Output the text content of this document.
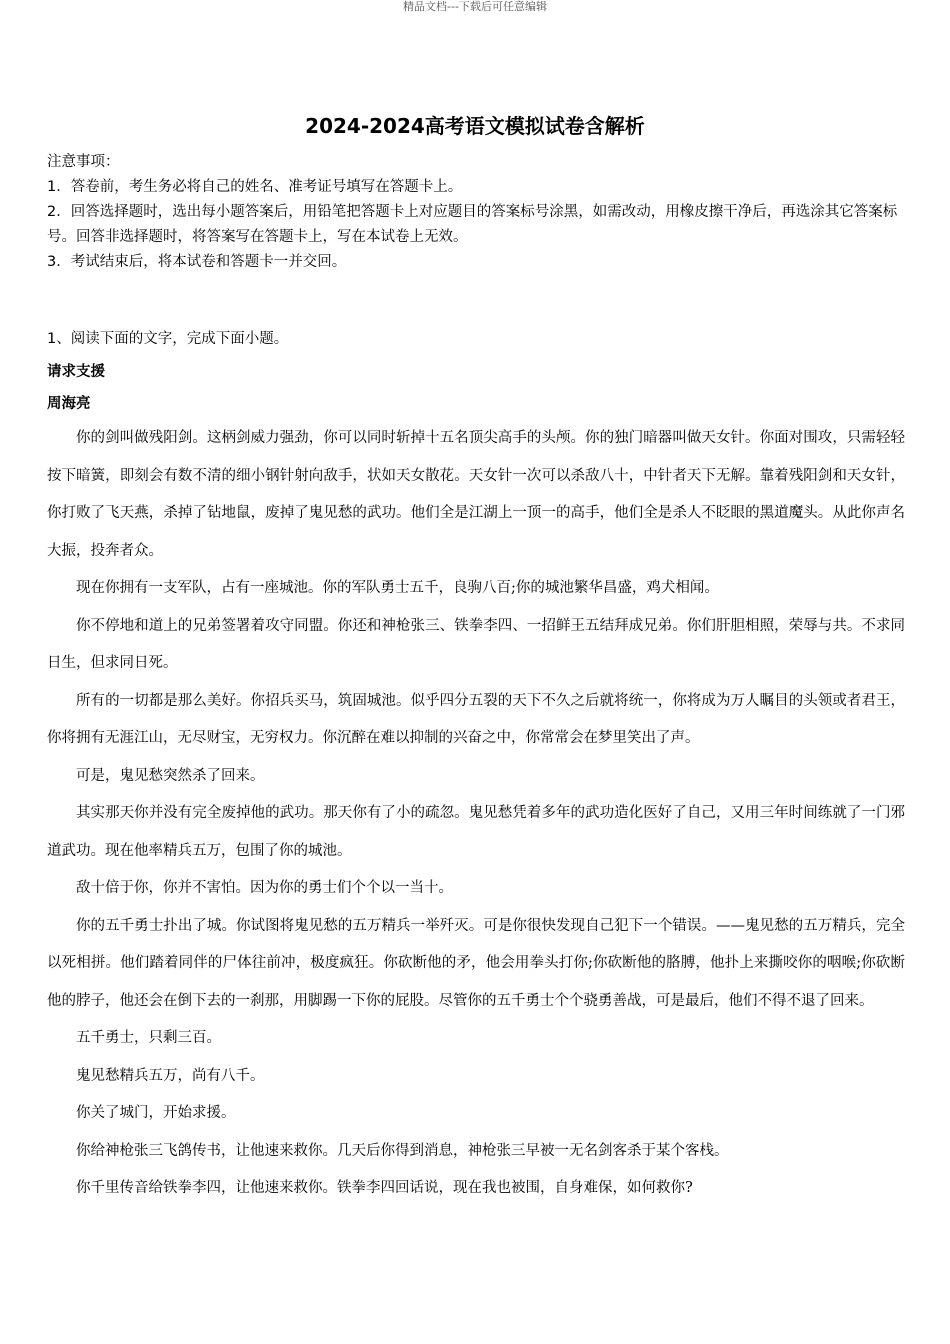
精品文档---下载后可任意编辑
2024-2024高考语文模拟试卷含解析

注意事项：

1．答卷前，考生务必将自己的姓名、准考证号填写在答题卡上。

2．回答选择题时，选出每小题答案后，用铅笔把答题卡上对应题目的答案标号涂黑，如需改动，用橡皮擦干净后，再选涂其它答案标号。回答非选择题时，将答案写在答题卡上，写在本试卷上无效。

3．考试结束后，将本试卷和答题卡一并交回。

1、阅读下面的文字，完成下面小题。

请求支援

周海亮

你的剑叫做残阳剑。这柄剑威力强劲，你可以同时斩掉十五名顶尖高手的头颅。你的独门暗器叫做天女针。你面对围攻，只需轻轻按下暗簧，即刻会有数不清的细小钢针射向敌手，状如天女散花。天女针一次可以杀敌八十，中针者天下无解。靠着残阳剑和天女针，你打败了飞天燕，杀掉了钻地鼠，废掉了鬼见愁的武功。他们全是江湖上一顶一的高手，他们全是杀人不眨眼的黑道魔头。从此你声名大振，投奔者众。

现在你拥有一支军队，占有一座城池。你的军队勇士五千，良驹八百;你的城池繁华昌盛，鸡犬相闻。

你不停地和道上的兄弟签署着攻守同盟。你还和神枪张三、铁拳李四、一招鲜王五结拜成兄弟。你们肝胆相照，荣辱与共。不求同日生，但求同日死。

所有的一切都是那么美好。你招兵买马，筑固城池。似乎四分五裂的天下不久之后就将统一，你将成为万人瞩目的头领或者君王，你将拥有无涯江山，无尽财宝，无穷权力。你沉醉在难以抑制的兴奋之中，你常常会在梦里笑出了声。

可是，鬼见愁突然杀了回来。

其实那天你并没有完全废掉他的武功。那天你有了小的疏忽。鬼见愁凭着多年的武功造化医好了自己，又用三年时间练就了一门邪道武功。现在他率精兵五万，包围了你的城池。

敌十倍于你，你并不害怕。因为你的勇士们个个以一当十。

你的五千勇士扑出了城。你试图将鬼见愁的五万精兵一举歼灭。可是你很快发现自己犯下一个错误。——鬼见愁的五万精兵，完全以死相拼。他们踏着同伴的尸体往前冲，极度疯狂。你砍断他的矛，他会用拳头打你;你砍断他的胳膊，他扑上来撕咬你的咽喉;你砍断他的脖子，他还会在倒下去的一刹那，用脚踢一下你的屁股。尽管你的五千勇士个个骁勇善战，可是最后，他们不得不退了回来。

五千勇士，只剩三百。

鬼见愁精兵五万，尚有八千。

你关了城门，开始求援。

你给神枪张三飞鸽传书，让他速来救你。几天后你得到消息，神枪张三早被一无名剑客杀于某个客栈。

你千里传音给铁拳李四，让他速来救你。铁拳李四回话说，现在我也被围，自身难保，如何救你?
